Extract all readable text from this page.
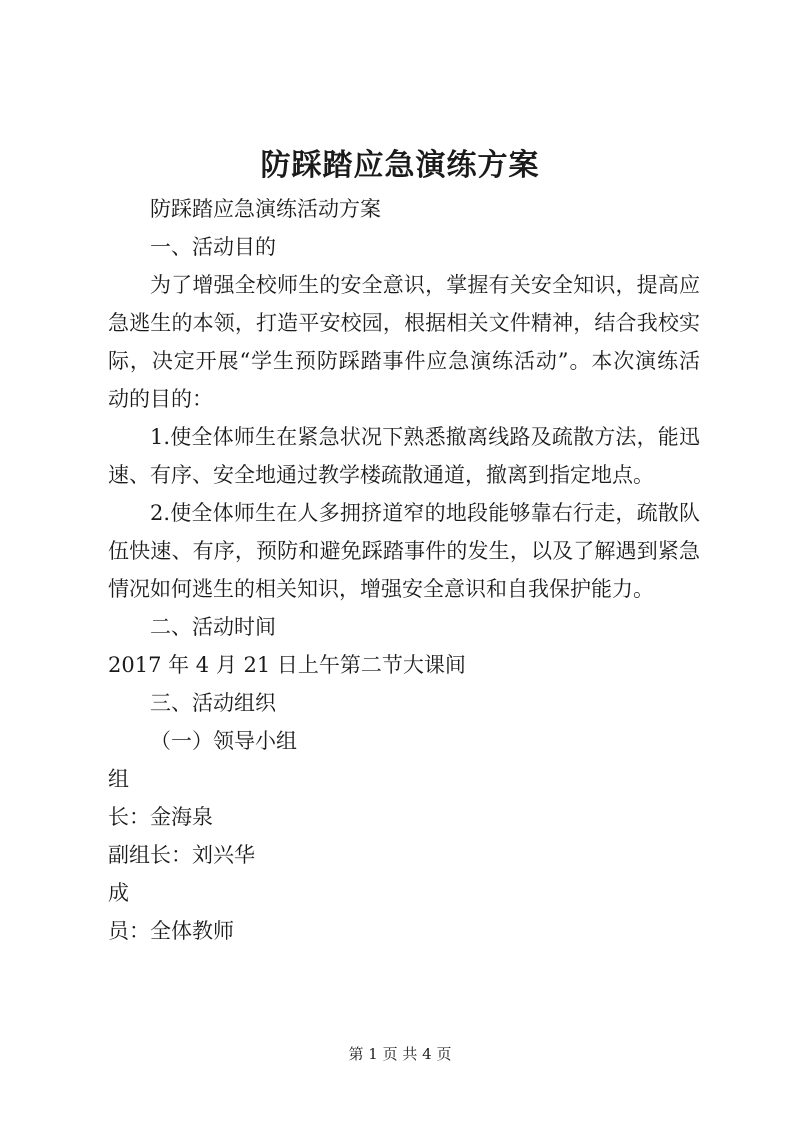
防踩踏应急演练方案

防踩踏应急演练活动方案

一、活动目的

为了增强全校师生的安全意识，掌握有关安全知识，提高应

急逃生的本领，打造平安校园，根据相关文件精神，结合我校实

际，决定开展“学生预防踩踏事件应急演练活动”。本次演练活

动的目的：

1.使全体师生在紧急状况下熟悉撤离线路及疏散方法，能迅

速、有序、安全地通过教学楼疏散通道，撤离到指定地点。

2.使全体师生在人多拥挤道窄的地段能够靠右行走，疏散队

伍快速、有序，预防和避免踩踏事件的发生，以及了解遇到紧急

情况如何逃生的相关知识，增强安全意识和自我保护能力。

二、活动时间

2017 年 4 月 21 日上午第二节大课间

三、活动组织

（一）领导小组

组

长：金海泉

副组长：刘兴华

成

员：全体教师

第 1 页 共 4 页
